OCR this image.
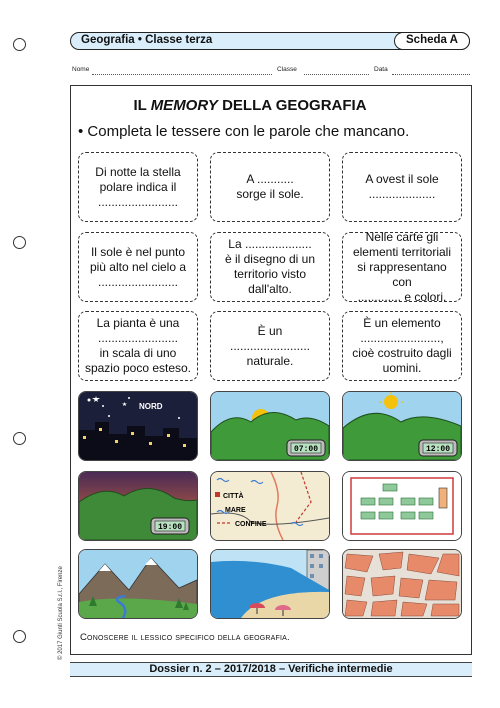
Geografia • Classe terza	Scheda A
Nome	Classe	Data
IL MEMORY DELLA GEOGRAFIA
• Completa le tessere con le parole che mancano.
Di notte la stella
polare indica il
........................
A ...........
sorge il sole.
A ovest il sole
....................
Il sole è nel punto
più alto nel cielo a
........................
La ....................
è il disegno di un
territorio visto
dall'alto.
Nelle carte gli
elementi territoriali
si rappresentano con
............. e colori.
La pianta è una
........................
in scala di uno
spazio poco esteso.
È un
........................
naturale.
È un elemento
........................,
cioè costruito dagli
uomini.
NORD
07:00	12:00
19:00
CITTÀ
MARE
CONFINE
Conoscere il lessico specifico della geografia.
© 2017 Giunti Scuola S.r.l., Firenze
Dossier n. 2 – 2017/2018 – Verifiche intermedie
